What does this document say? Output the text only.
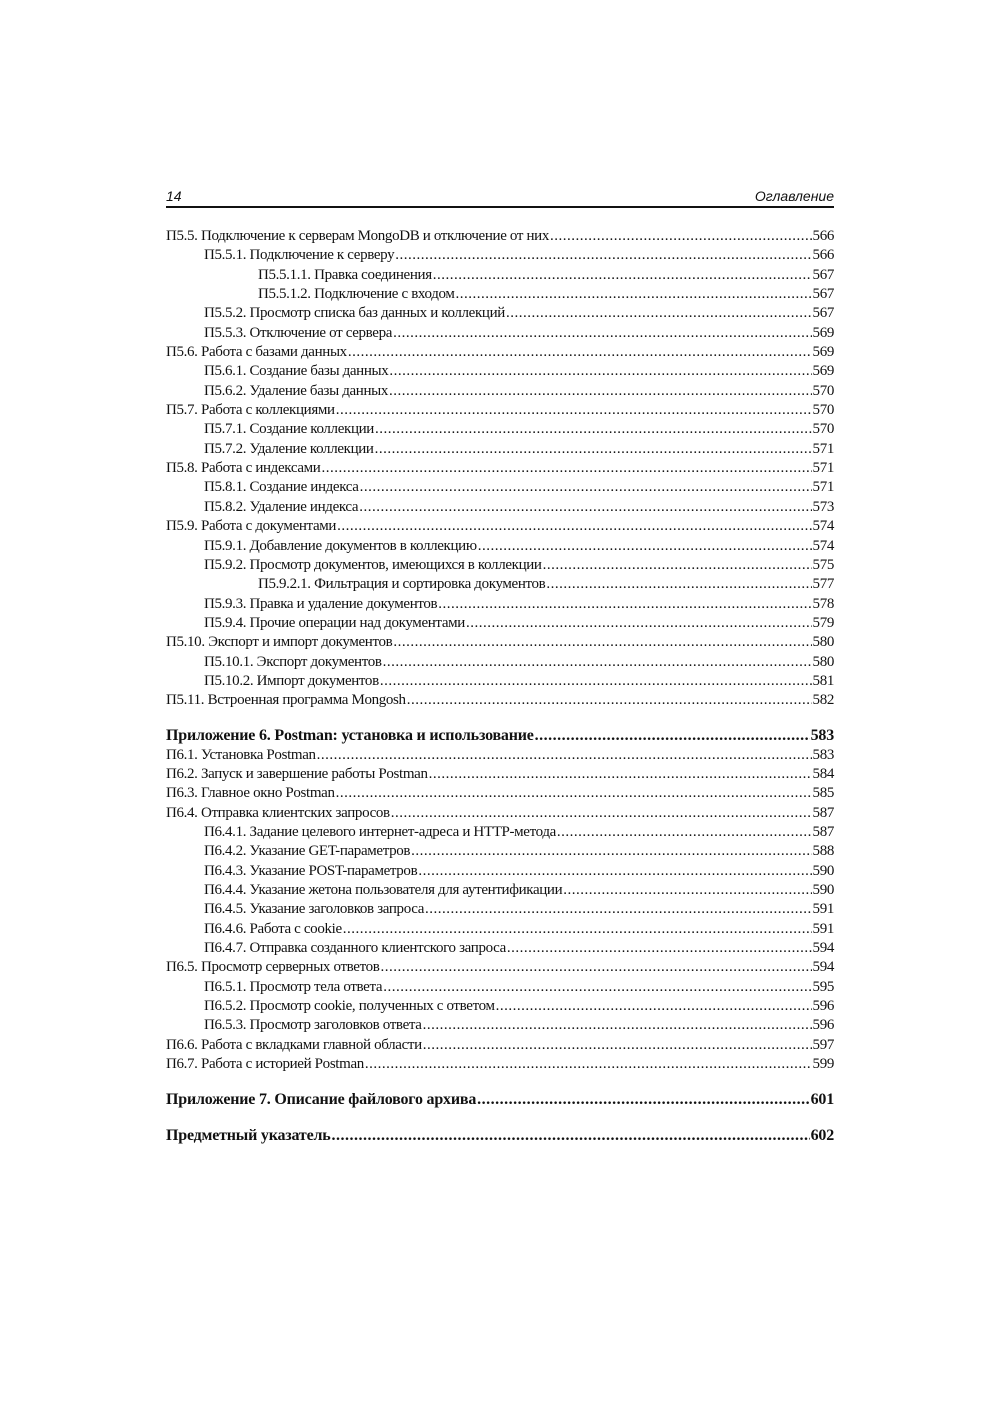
14	Оглавление
П5.5. Подключение к серверам MongoDB и отключение от них .....	566
П5.5.1. Подключение к серверу .....	566
П5.5.1.1. Правка соединения .....	567
П5.5.1.2. Подключение с входом .....	567
П5.5.2. Просмотр списка баз данных и коллекций .....	567
П5.5.3. Отключение от сервера .....	569
П5.6. Работа с базами данных .....	569
П5.6.1. Создание базы данных .....	569
П5.6.2. Удаление базы данных .....	570
П5.7. Работа с коллекциями .....	570
П5.7.1. Создание коллекции .....	570
П5.7.2. Удаление коллекции .....	571
П5.8. Работа с индексами .....	571
П5.8.1. Создание индекса .....	571
П5.8.2. Удаление индекса .....	573
П5.9. Работа с документами .....	574
П5.9.1. Добавление документов в коллекцию .....	574
П5.9.2. Просмотр документов, имеющихся в коллекции .....	575
П5.9.2.1. Фильтрация и сортировка документов .....	577
П5.9.3. Правка и удаление документов .....	578
П5.9.4. Прочие операции над документами .....	579
П5.10. Экспорт и импорт документов .....	580
П5.10.1. Экспорт документов .....	580
П5.10.2. Импорт документов .....	581
П5.11. Встроенная программа Mongosh .....	582
Приложение 6. Postman: установка и использование .....	583
П6.1. Установка Postman .....	583
П6.2. Запуск и завершение работы Postman .....	584
П6.3. Главное окно Postman .....	585
П6.4. Отправка клиентских запросов .....	587
П6.4.1. Задание целевого интернет-адреса и HTTP-метода .....	587
П6.4.2. Указание GET-параметров .....	588
П6.4.3. Указание POST-параметров .....	590
П6.4.4. Указание жетона пользователя для аутентификации .....	590
П6.4.5. Указание заголовков запроса .....	591
П6.4.6. Работа с cookie .....	591
П6.4.7. Отправка созданного клиентского запроса .....	594
П6.5. Просмотр серверных ответов .....	594
П6.5.1. Просмотр тела ответа .....	595
П6.5.2. Просмотр cookie, полученных с ответом .....	596
П6.5.3. Просмотр заголовков ответа .....	596
П6.6. Работа с вкладками главной области .....	597
П6.7. Работа с историей Postman .....	599
Приложение 7. Описание файлового архива .....	601
Предметный указатель .....	602
